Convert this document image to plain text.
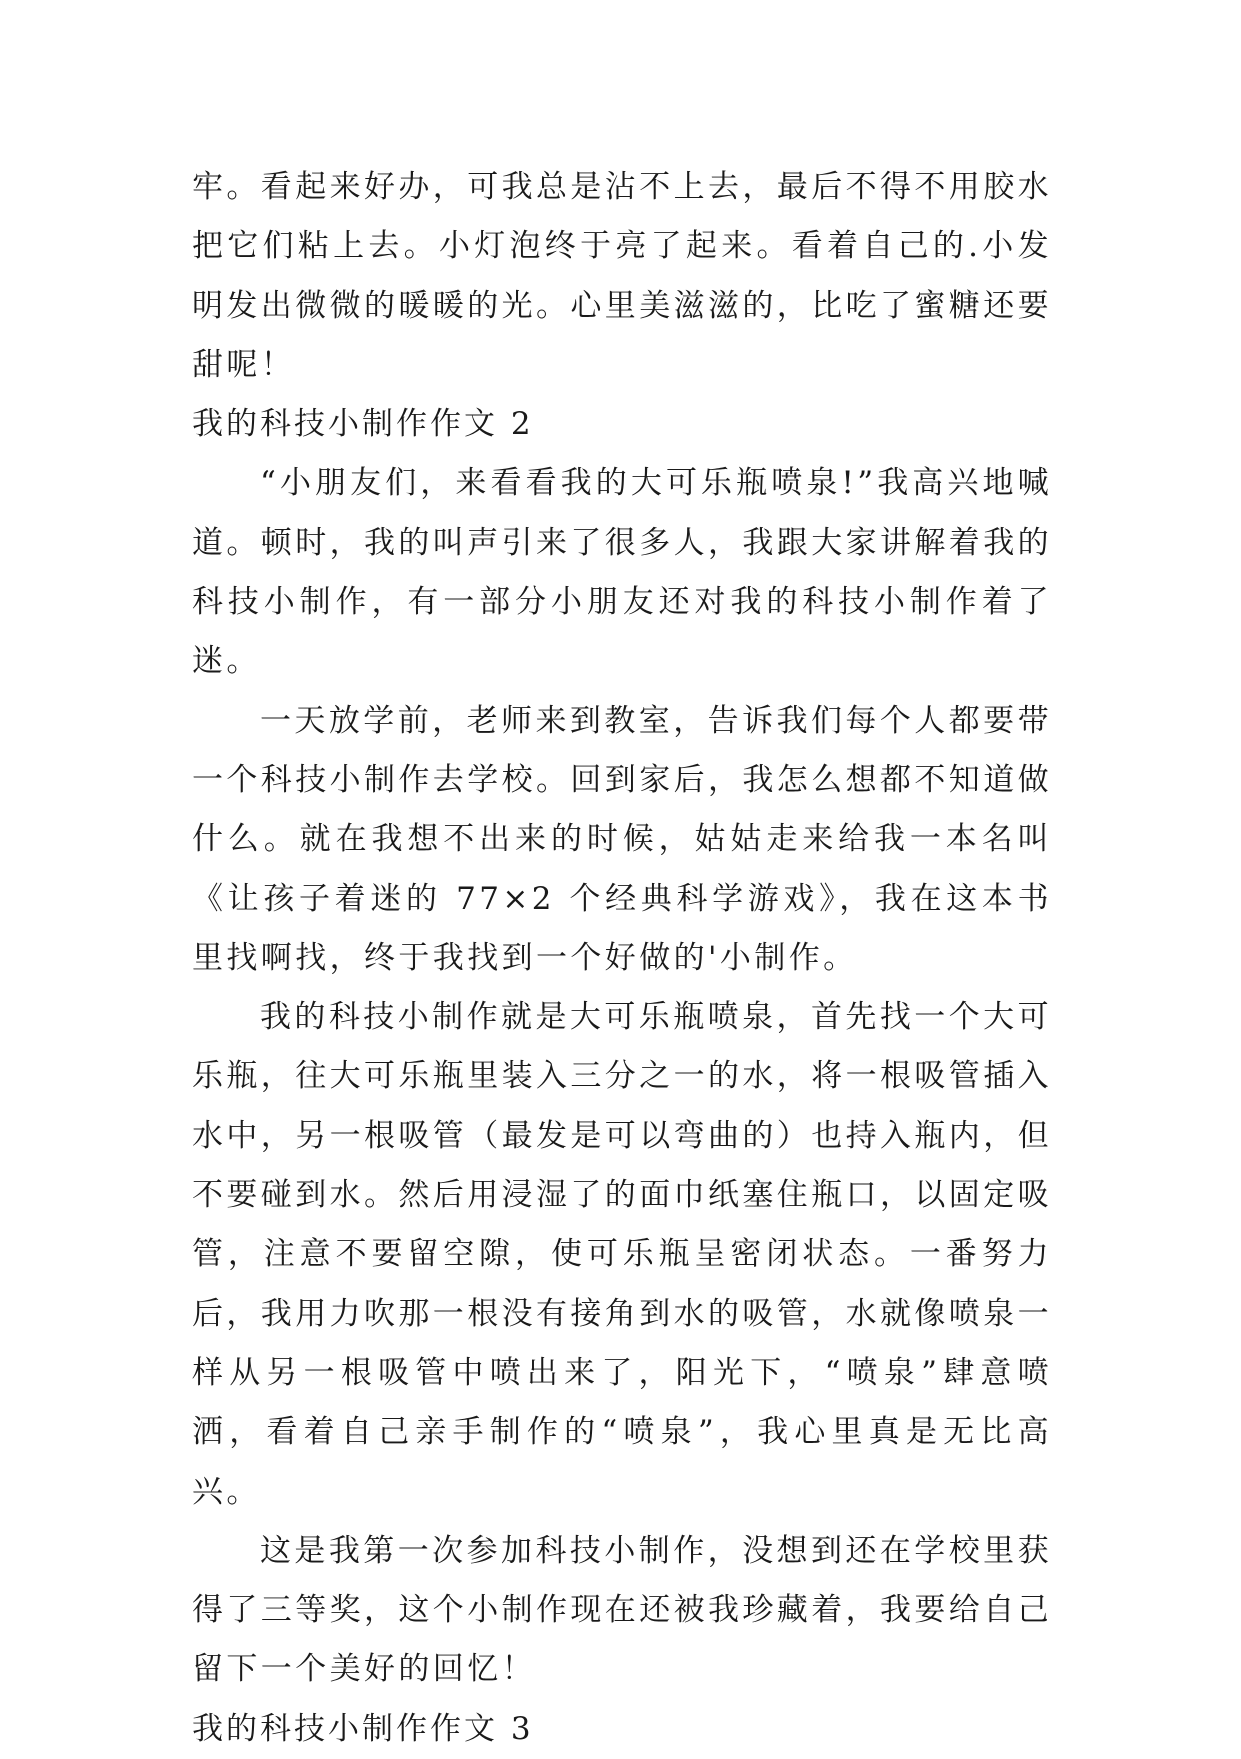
牢。看起来好办，可我总是沾不上去，最后不得不用胶水把它们粘上去。小灯泡终于亮了起来。看着自己的.小发明发出微微的暖暖的光。心里美滋滋的，比吃了蜜糖还要甜呢！

我的科技小制作作文 2

“小朋友们，来看看我的大可乐瓶喷泉!”我高兴地喊道。顿时，我的叫声引来了很多人，我跟大家讲解着我的科技小制作，有一部分小朋友还对我的科技小制作着了迷。

一天放学前，老师来到教室，告诉我们每个人都要带一个科技小制作去学校。回到家后，我怎么想都不知道做什么。就在我想不出来的时候，姑姑走来给我一本名叫《让孩子着迷的 77×2 个经典科学游戏》，我在这本书里找啊找，终于我找到一个好做的'小制作。

我的科技小制作就是大可乐瓶喷泉，首先找一个大可乐瓶，往大可乐瓶里装入三分之一的水，将一根吸管插入水中，另一根吸管（最发是可以弯曲的）也持入瓶内，但不要碰到水。然后用浸湿了的面巾纸塞住瓶口，以固定吸管，注意不要留空隙，使可乐瓶呈密闭状态。一番努力后，我用力吹那一根没有接角到水的吸管，水就像喷泉一样从另一根吸管中喷出来了，阳光下，“喷泉”肆意喷洒，看着自己亲手制作的“喷泉”，我心里真是无比高兴。

这是我第一次参加科技小制作，没想到还在学校里获得了三等奖，这个小制作现在还被我珍藏着，我要给自己留下一个美好的回忆！

我的科技小制作作文 3
